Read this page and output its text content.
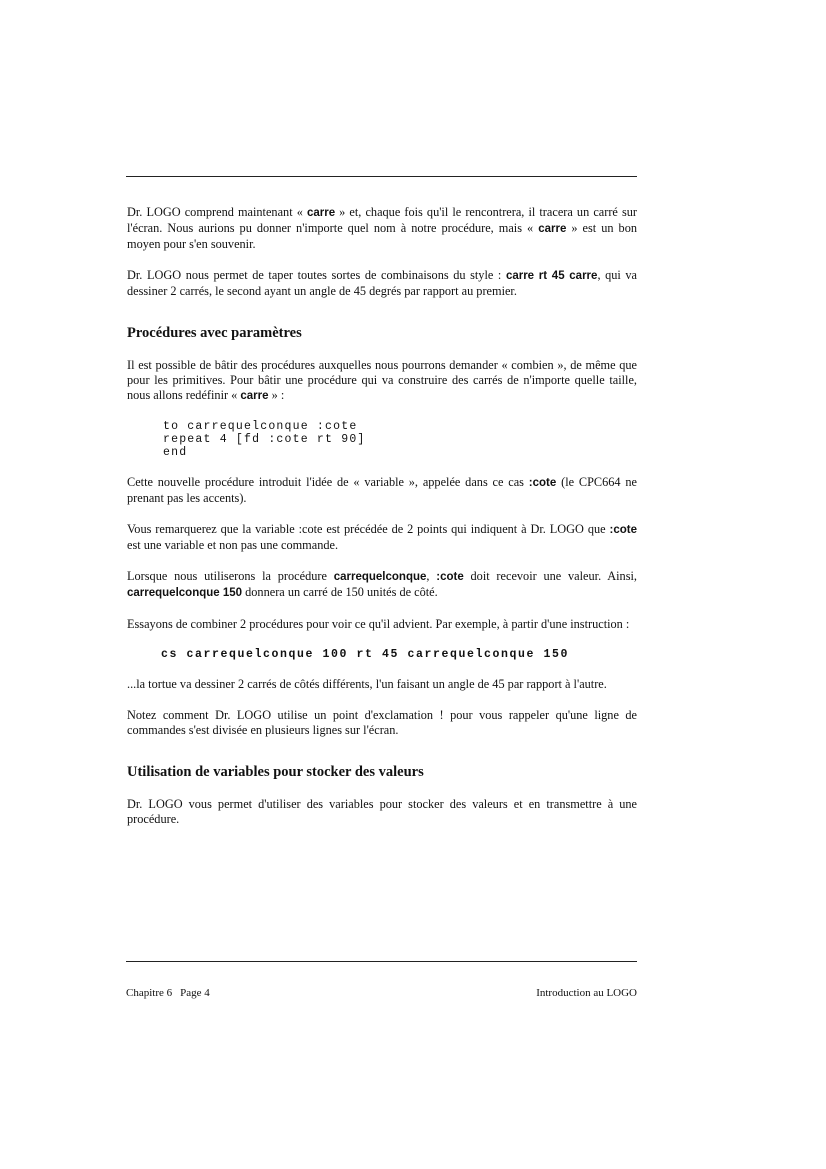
Dr. LOGO comprend maintenant « carre » et, chaque fois qu'il le rencontrera, il tracera un carré sur l'écran. Nous aurions pu donner n'importe quel nom à notre procédure, mais « carre » est un bon moyen pour s'en souvenir.

Dr. LOGO nous permet de taper toutes sortes de combinaisons du style : carre rt 45 carre, qui va dessiner 2 carrés, le second ayant un angle de 45 degrés par rapport au premier.

Procédures avec paramètres

Il est possible de bâtir des procédures auxquelles nous pourrons demander « combien », de même que pour les primitives. Pour bâtir une procédure qui va construire des carrés de n'importe quelle taille, nous allons redéfinir « carre » :

to carrequelconque :cote
repeat 4 [fd :cote rt 90]
end

Cette nouvelle procédure introduit l'idée de « variable », appelée dans ce cas :cote (le CPC664 ne prenant pas les accents).

Vous remarquerez que la variable :cote est précédée de 2 points qui indiquent à Dr. LOGO que :cote est une variable et non pas une commande.

Lorsque nous utiliserons la procédure carrequelconque, :cote doit recevoir une valeur. Ainsi, carrequelconque 150 donnera un carré de 150 unités de côté.

Essayons de combiner 2 procédures pour voir ce qu'il advient. Par exemple, à partir d'une instruction :

cs carrequelconque 100 rt 45 carrequelconque 150

...la tortue va dessiner 2 carrés de côtés différents, l'un faisant un angle de 45 par rapport à l'autre.

Notez comment Dr. LOGO utilise un point d'exclamation ! pour vous rappeler qu'une ligne de commandes s'est divisée en plusieurs lignes sur l'écran.

Utilisation de variables pour stocker des valeurs

Dr. LOGO vous permet d'utiliser des variables pour stocker des valeurs et en transmettre à une procédure.

Chapitre 6 Page 4	Introduction au LOGO
